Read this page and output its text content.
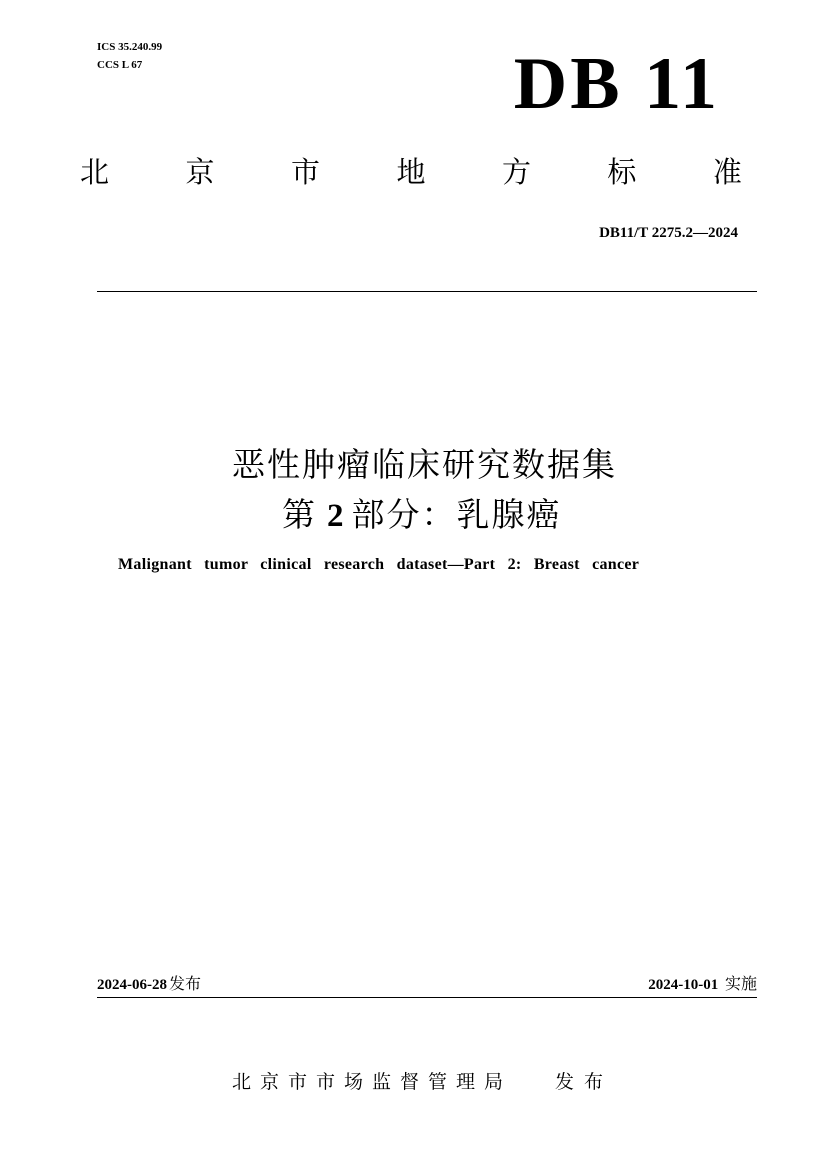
ICS 35.240.99
CCS L 67	DB 11
北	京	市	地	方	标	准
DB11/T 2275.2—2024
恶性肿瘤临床研究数据集
第 2 部分：乳腺癌
Malignant tumor clinical research dataset—Part 2: Breast cancer
2024-06-28 发布	2024-10-01 实施
北京市市场监督管理局 发 布
